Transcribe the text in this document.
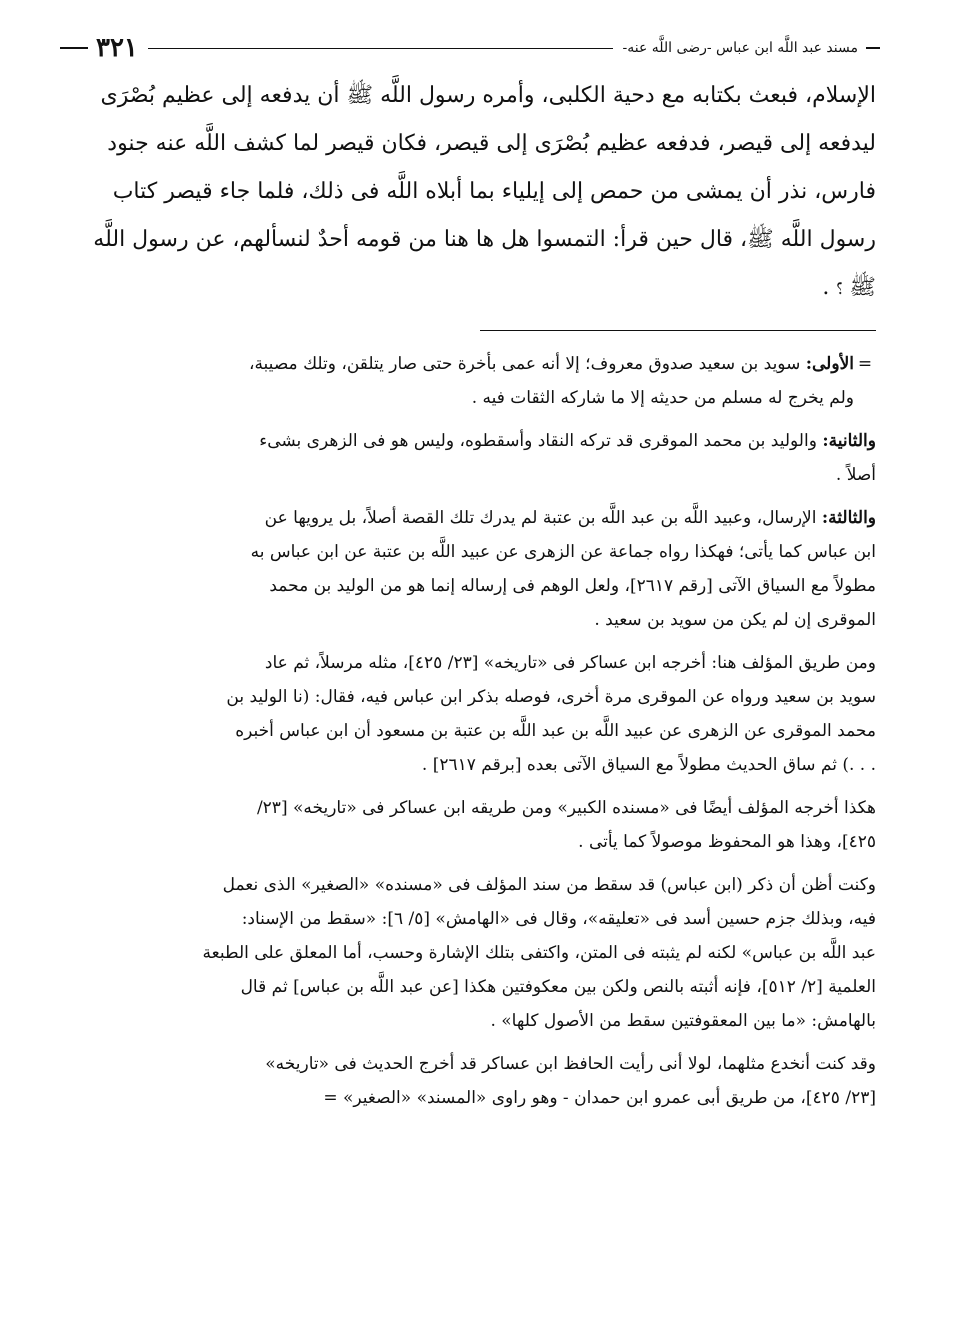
مسند عبد اللَّه ابن عباس -رضى اللَّه عنه-
٣٢١
الإسلام، فبعث بكتابه مع دحية الكلبى، وأمره رسول اللَّه ﷺ أن يدفعه إلى عظيم بُصْرَى
ليدفعه إلى قيصر، فدفعه عظيم بُصْرَى إلى قيصر، فكان قيصر لما كشف اللَّه عنه جنود
فارس، نذر أن يمشى من حمص إلى إيلياء بما أبلاه اللَّه فى ذلك، فلما جاء قيصر كتاب
رسول اللَّه ﷺ، قال حين قرأ: التمسوا هل ها هنا من قومه أحدٌ لنسألهم، عن رسول اللَّه
ﷺ ؟ .
=الأولى: سويد بن سعيد صدوق معروف؛ إلا أنه عمى بأخرة حتى صار يتلقن، وتلك مصيبة،
ولم يخرج له مسلم من حديثه إلا ما شاركه الثقات فيه .
والثانية: والوليد بن محمد الموقرى قد تركه النقاد وأسقطوه، وليس هو فى الزهرى بشىء
أصلاً .
والثالثة: الإرسال، وعبيد اللَّه بن عبد اللَّه بن عتبة لم يدرك تلك القصة أصلاً، بل يرويها عن
ابن عباس كما يأتى؛ فهكذا رواه جماعة عن الزهرى عن عبيد اللَّه بن عتبة عن ابن عباس به
مطولاً مع السياق الآتى [رقم ٢٦١٧]، ولعل الوهم فى إرساله إنما هو من الوليد بن محمد
الموقرى إن لم يكن من سويد بن سعيد .
ومن طريق المؤلف هنا: أخرجه ابن عساكر فى «تاريخه» [٢٣/ ٤٢٥]، مثله مرسلاً، ثم عاد
سويد بن سعيد ورواه عن الموقرى مرة أخرى، فوصله بذكر ابن عباس فيه، فقال: (نا الوليد بن
محمد الموقرى عن الزهرى عن عبيد اللَّه بن عبد اللَّه بن عتبة بن مسعود أن ابن عباس أخبره
. . .) ثم ساق الحديث مطولاً مع السياق الآتى بعده [برقم ٢٦١٧] .
هكذا أخرجه المؤلف أيضًا فى «مسنده الكبير» ومن طريقه ابن عساكر فى «تاريخه» [٢٣/
٤٢٥]، وهذا هو المحفوظ موصولاً كما يأتى .
وكنت أظن أن ذكر (ابن عباس) قد سقط من سند المؤلف فى «مسنده» «الصغير» الذى نعمل
فيه، وبذلك جزم حسين أسد فى «تعليقه»، وقال فى «الهامش» [٥/ ٦]: «سقط من الإسناد:
عبد اللَّه بن عباس» لكنه لم يثبته فى المتن، واكتفى بتلك الإشارة وحسب، أما المعلق على الطبعة
العلمية [٢/ ٥١٢]، فإنه أثبته بالنص ولكن بين معكوفتين هكذا [عن عبد اللَّه بن عباس] ثم قال
بالهامش: «ما بين المعقوفتين سقط من الأصول كلها» .
وقد كنت أنخدع مثلهما، لولا أنى رأيت الحافظ ابن عساكر قد أخرج الحديث فى «تاريخه»
[٢٣/ ٤٢٥]، من طريق أبى عمرو ابن حمدان - وهو راوى «المسند» «الصغير» =
